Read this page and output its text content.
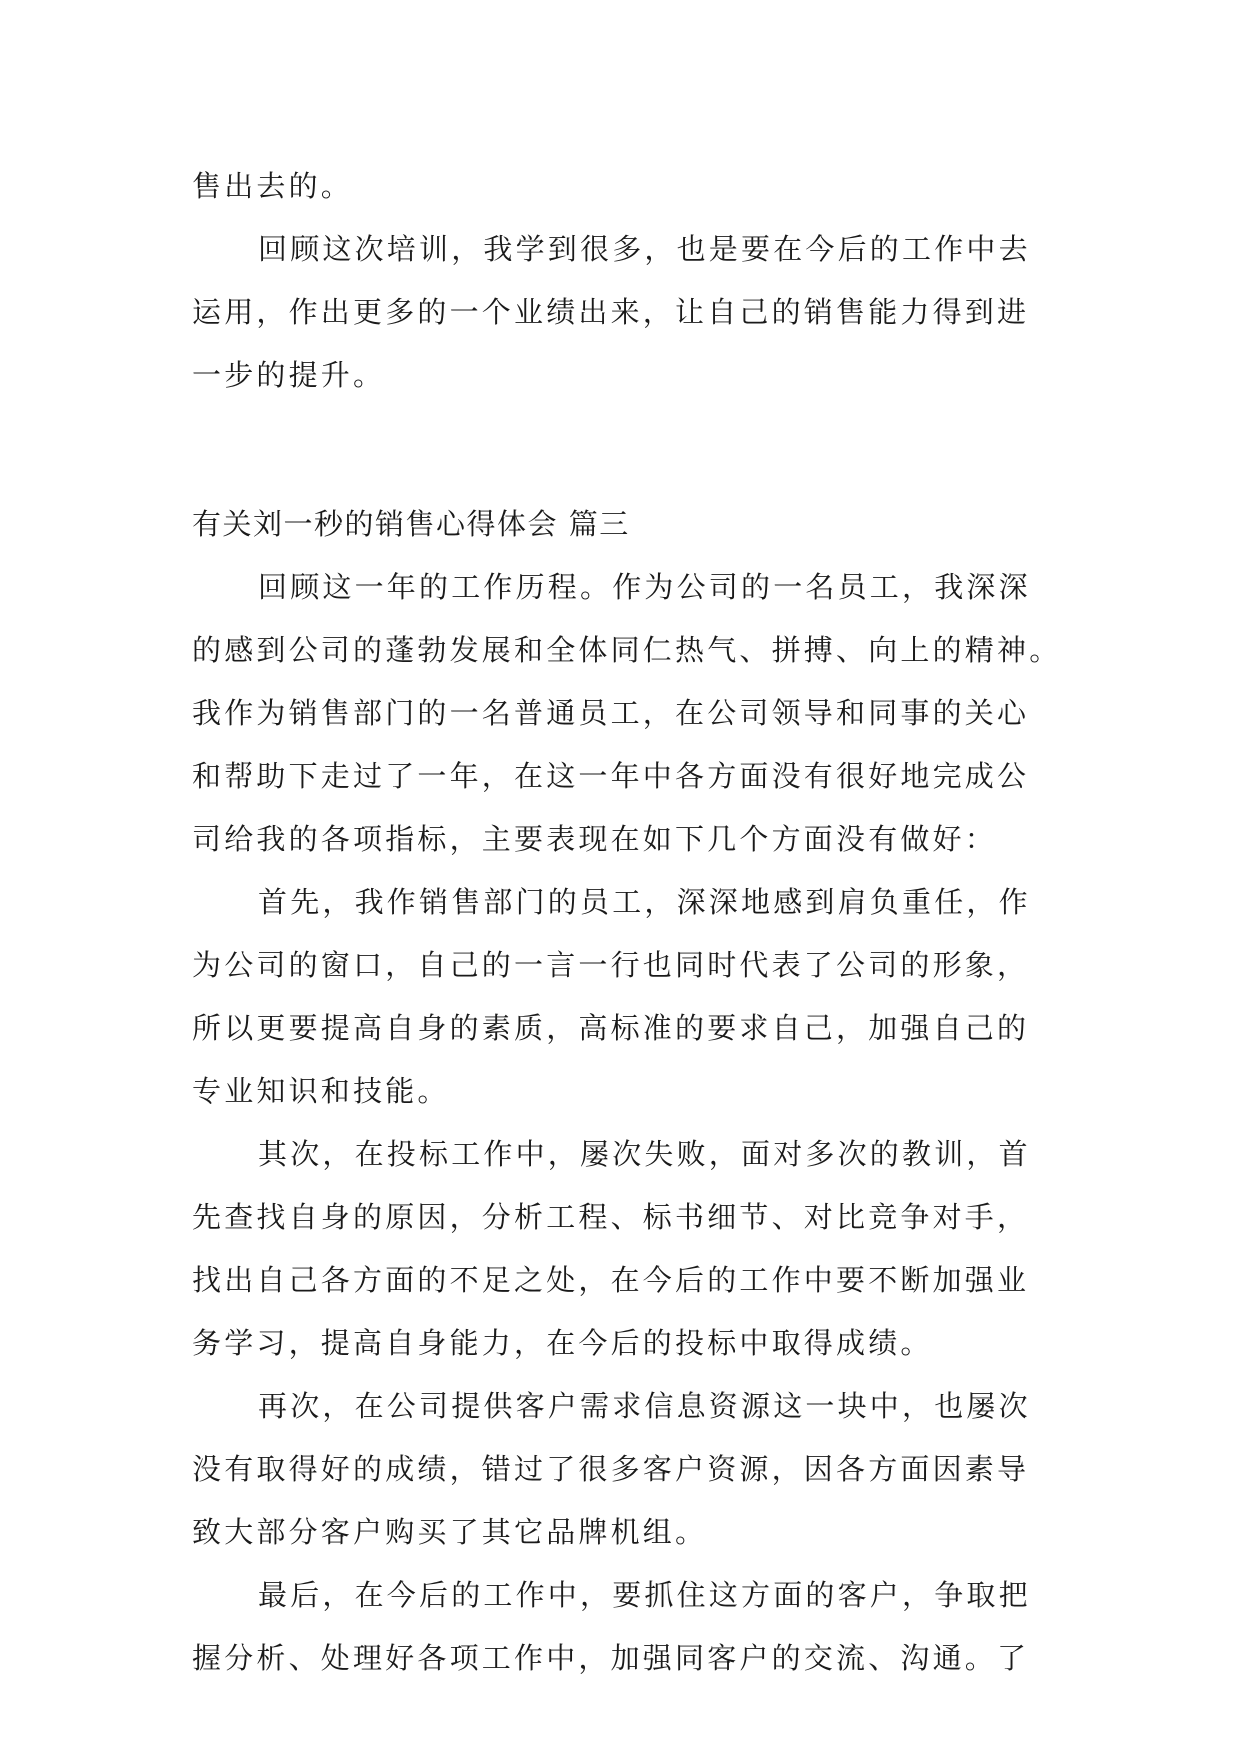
售出去的。
回顾这次培训，我学到很多，也是要在今后的工作中去
运用，作出更多的一个业绩出来，让自己的销售能力得到进
一步的提升。
有关刘一秒的销售心得体会 篇三
回顾这一年的工作历程。作为公司的一名员工，我深深
的感到公司的蓬勃发展和全体同仁热气、拼搏、向上的精神。
我作为销售部门的一名普通员工，在公司领导和同事的关心
和帮助下走过了一年，在这一年中各方面没有很好地完成公
司给我的各项指标，主要表现在如下几个方面没有做好：
首先，我作销售部门的员工，深深地感到肩负重任，作
为公司的窗口，自己的一言一行也同时代表了公司的形象，
所以更要提高自身的素质，高标准的要求自己，加强自己的
专业知识和技能。
其次，在投标工作中，屡次失败，面对多次的教训，首
先查找自身的原因，分析工程、标书细节、对比竞争对手，
找出自己各方面的不足之处，在今后的工作中要不断加强业
务学习，提高自身能力，在今后的投标中取得成绩。
再次，在公司提供客户需求信息资源这一块中，也屡次
没有取得好的成绩，错过了很多客户资源，因各方面因素导
致大部分客户购买了其它品牌机组。
最后，在今后的工作中，要抓住这方面的客户，争取把
握分析、处理好各项工作中，加强同客户的交流、沟通。了
